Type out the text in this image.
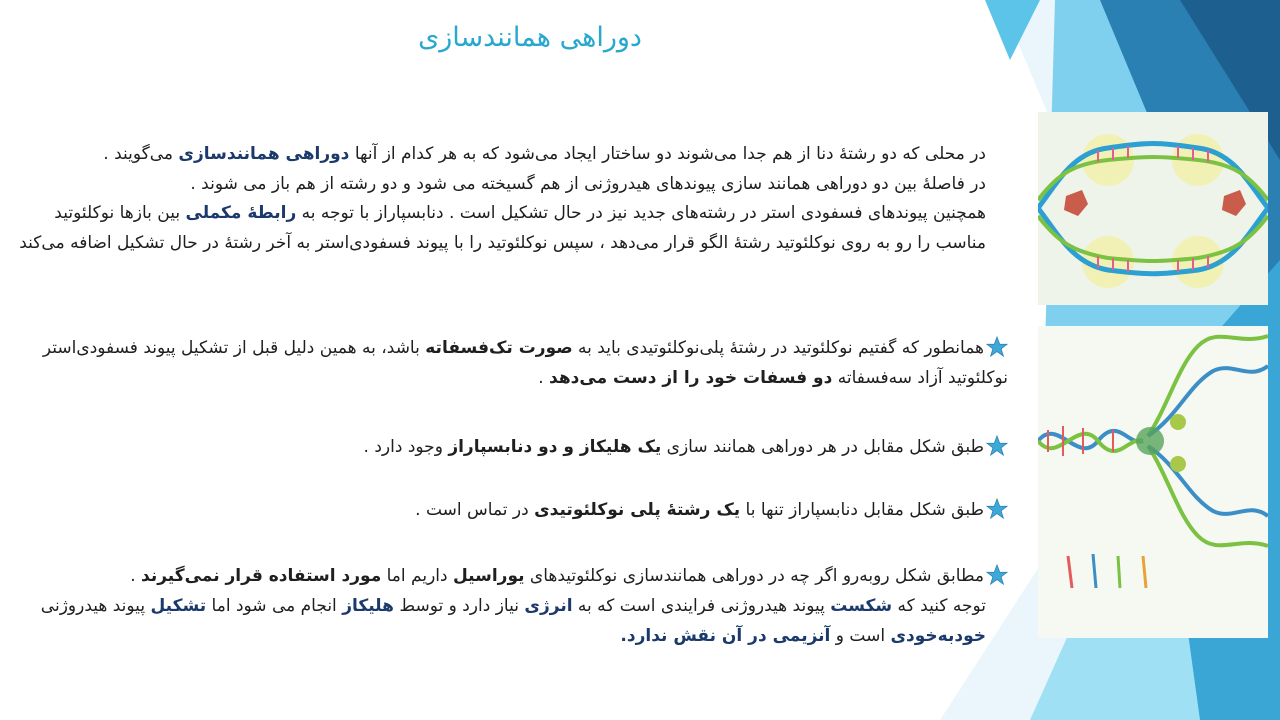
دوراهی همانندسازی

در محلی که دو رشتۀ دنا از هم جدا می‌شوند دو ساختار ایجاد می‌شود که به هر کدام از آنها دوراهی همانندسازی می‌گویند .

در فاصلۀ بین دو دوراهی همانند سازی پیوندهای هیدروژنی از هم گسیخته می شود و دو رشته از هم باز می شوند .

همچنین پیوندهای فسفودی استر در رشته‌های جدید نیز در حال تشکیل است . دنابسپاراز با توجه به رابطۀ مکملی بین بازها نوکلئوتید مناسب را رو به روی نوکلئوتید رشتۀ الگو قرار می‌دهد ، سپس نوکلئوتید را با پیوند فسفودی‌استر به آخر رشتۀ در حال تشکیل اضافه می‌کند

همانطور که گفتیم نوکلئوتید در رشتۀ پلی‌نوکلئوتیدی باید به صورت تک‌فسفاته باشد، به همین دلیل قبل از تشکیل پیوند فسفودی‌استر نوکلئوتید آزاد سه‌فسفاته دو فسفات خود را از دست می‌دهد .
طبق شکل مقابل در هر دوراهی همانند سازی یک هلیکاز و دو دنابسپاراز وجود دارد .
طبق شکل مقابل دنابسپاراز تنها با یک رشتۀ پلی نوکلئوتیدی در تماس است .
مطابق شکل روبه‌رو اگر چه در دوراهی همانندسازی نوکلئوتیدهای یوراسیل داریم اما مورد استفاده قرار نمی‌گیرند .
توجه کنید که شکست پیوند هیدروژنی فرایندی است که به انرژی نیاز دارد و توسط هلیکاز انجام می شود اما تشکیل پیوند هیدروژنی خودبه‌خودی است و آنزیمی در آن نقش ندارد.
